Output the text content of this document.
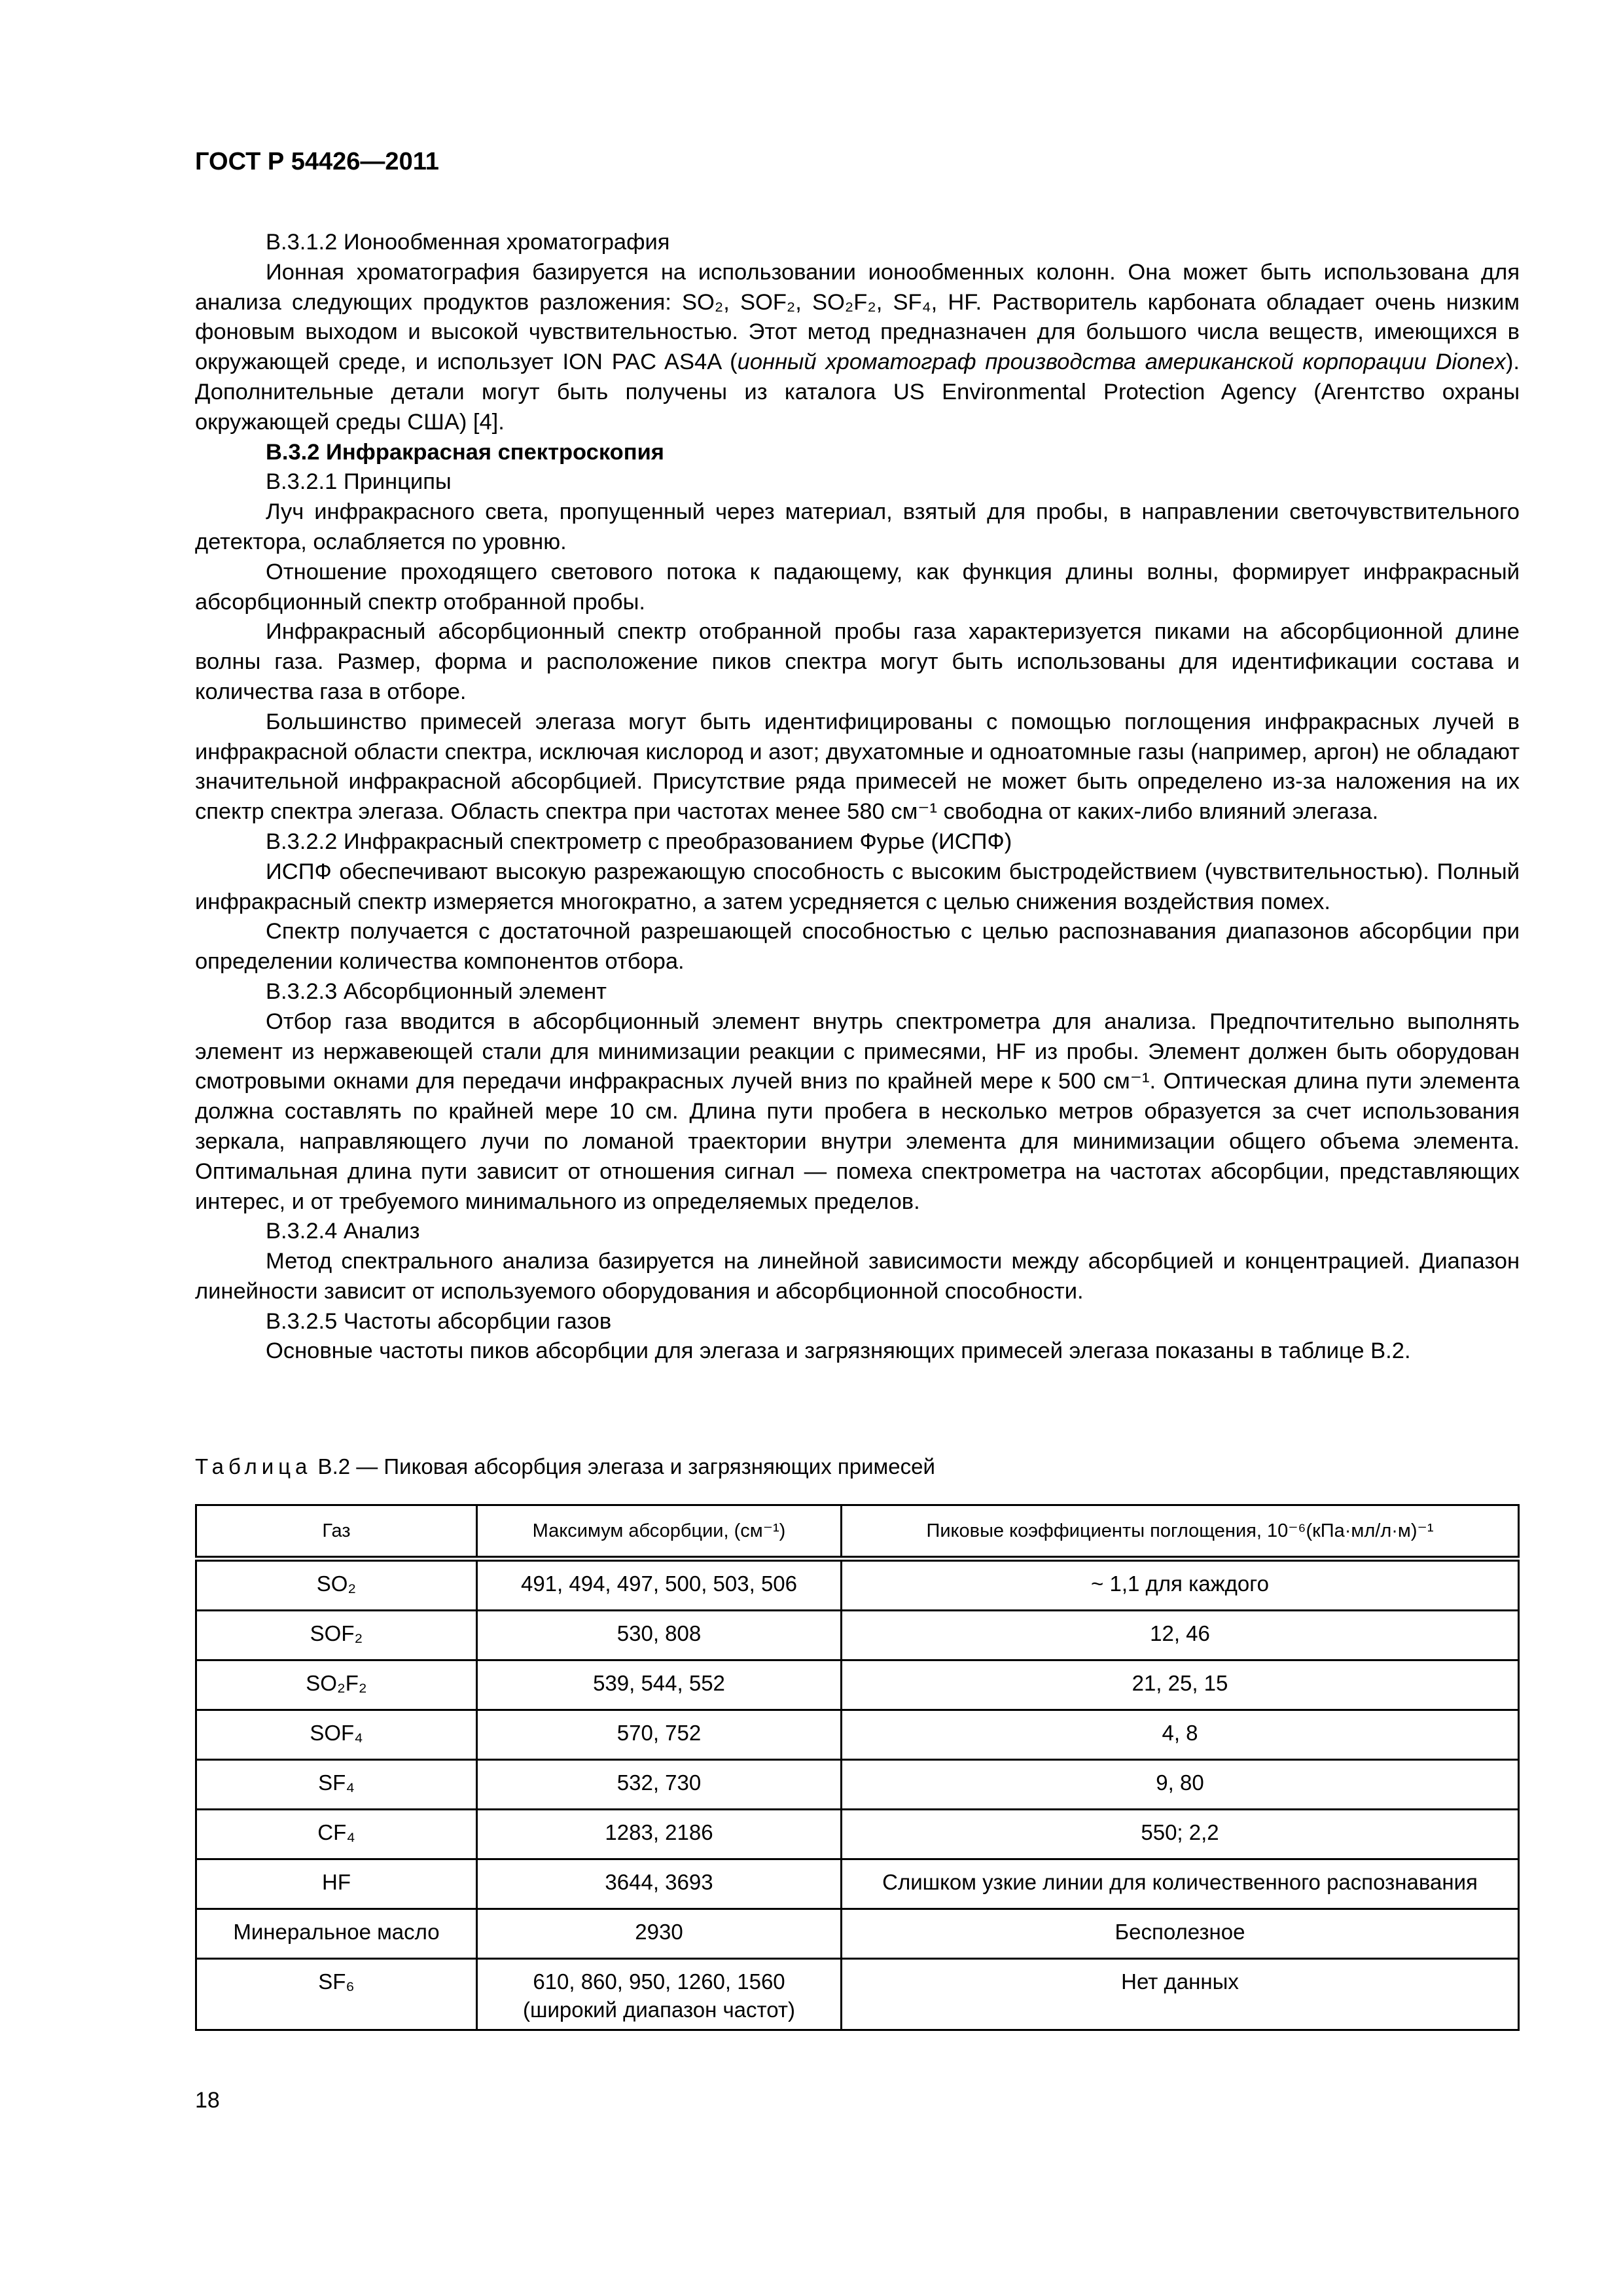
ГОСТ Р 54426—2011

В.3.1.2 Ионообменная хроматография

Ионная хроматография базируется на использовании ионообменных колонн. Она может быть использована для анализа следующих продуктов разложения: SO₂, SOF₂, SO₂F₂, SF₄, HF. Растворитель карбоната обладает очень низким фоновым выходом и высокой чувствительностью. Этот метод предназначен для большого числа веществ, имеющихся в окружающей среде, и использует ION PAC AS4A (ионный хроматограф производства американской корпорации Dionex). Дополнительные детали могут быть получены из каталога US Environmental Protection Agency (Агентство охраны окружающей среды США) [4].

В.3.2 Инфракрасная спектроскопия

В.3.2.1 Принципы

Луч инфракрасного света, пропущенный через материал, взятый для пробы, в направлении светочувствительного детектора, ослабляется по уровню.

Отношение проходящего светового потока к падающему, как функция длины волны, формирует инфракрасный абсорбционный спектр отобранной пробы.

Инфракрасный абсорбционный спектр отобранной пробы газа характеризуется пиками на абсорбционной длине волны газа. Размер, форма и расположение пиков спектра могут быть использованы для идентификации состава и количества газа в отборе.

Большинство примесей элегаза могут быть идентифицированы с помощью поглощения инфракрасных лучей в инфракрасной области спектра, исключая кислород и азот; двухатомные и одноатомные газы (например, аргон) не обладают значительной инфракрасной абсорбцией. Присутствие ряда примесей не может быть определено из-за наложения на их спектр спектра элегаза. Область спектра при частотах менее 580 см⁻¹ свободна от каких-либо влияний элегаза.

В.3.2.2 Инфракрасный спектрометр с преобразованием Фурье (ИСПФ)

ИСПФ обеспечивают высокую разрежающую способность с высоким быстродействием (чувствительностью). Полный инфракрасный спектр измеряется многократно, а затем усредняется с целью снижения воздействия помех.

Спектр получается с достаточной разрешающей способностью с целью распознавания диапазонов абсорбции при определении количества компонентов отбора.

В.3.2.3 Абсорбционный элемент

Отбор газа вводится в абсорбционный элемент внутрь спектрометра для анализа. Предпочтительно выполнять элемент из нержавеющей стали для минимизации реакции с примесями, HF из пробы. Элемент должен быть оборудован смотровыми окнами для передачи инфракрасных лучей вниз по крайней мере к 500 см⁻¹. Оптическая длина пути элемента должна составлять по крайней мере 10 см. Длина пути пробега в несколько метров образуется за счет использования зеркала, направляющего лучи по ломаной траектории внутри элемента для минимизации общего объема элемента. Оптимальная длина пути зависит от отношения сигнал — помеха спектрометра на частотах абсорбции, представляющих интерес, и от требуемого минимального из определяемых пределов.

В.3.2.4 Анализ

Метод спектрального анализа базируется на линейной зависимости между абсорбцией и концентрацией. Диапазон линейности зависит от используемого оборудования и абсорбционной способности.

В.3.2.5 Частоты абсорбции газов

Основные частоты пиков абсорбции для элегаза и загрязняющих примесей элегаза показаны в таблице В.2.

Таблица В.2 — Пиковая абсорбция элегаза и загрязняющих примесей
Газ	Максимум абсорбции, (см⁻¹)	Пиковые коэффициенты поглощения, 10⁻⁶(кПа·мл/л·м)⁻¹
SO₂	491, 494, 497, 500, 503, 506	~ 1,1 для каждого
SOF₂	530, 808	12, 46
SO₂F₂	539, 544, 552	21, 25, 15
SOF₄	570, 752	4, 8
SF₄	532, 730	9, 80
CF₄	1283, 2186	550; 2,2
HF	3644, 3693	Слишком узкие линии для количественного распознавания
Минеральное масло	2930	Бесполезное
SF₆	610, 860, 950, 1260, 1560 (широкий диапазон частот)	Нет данных
18
